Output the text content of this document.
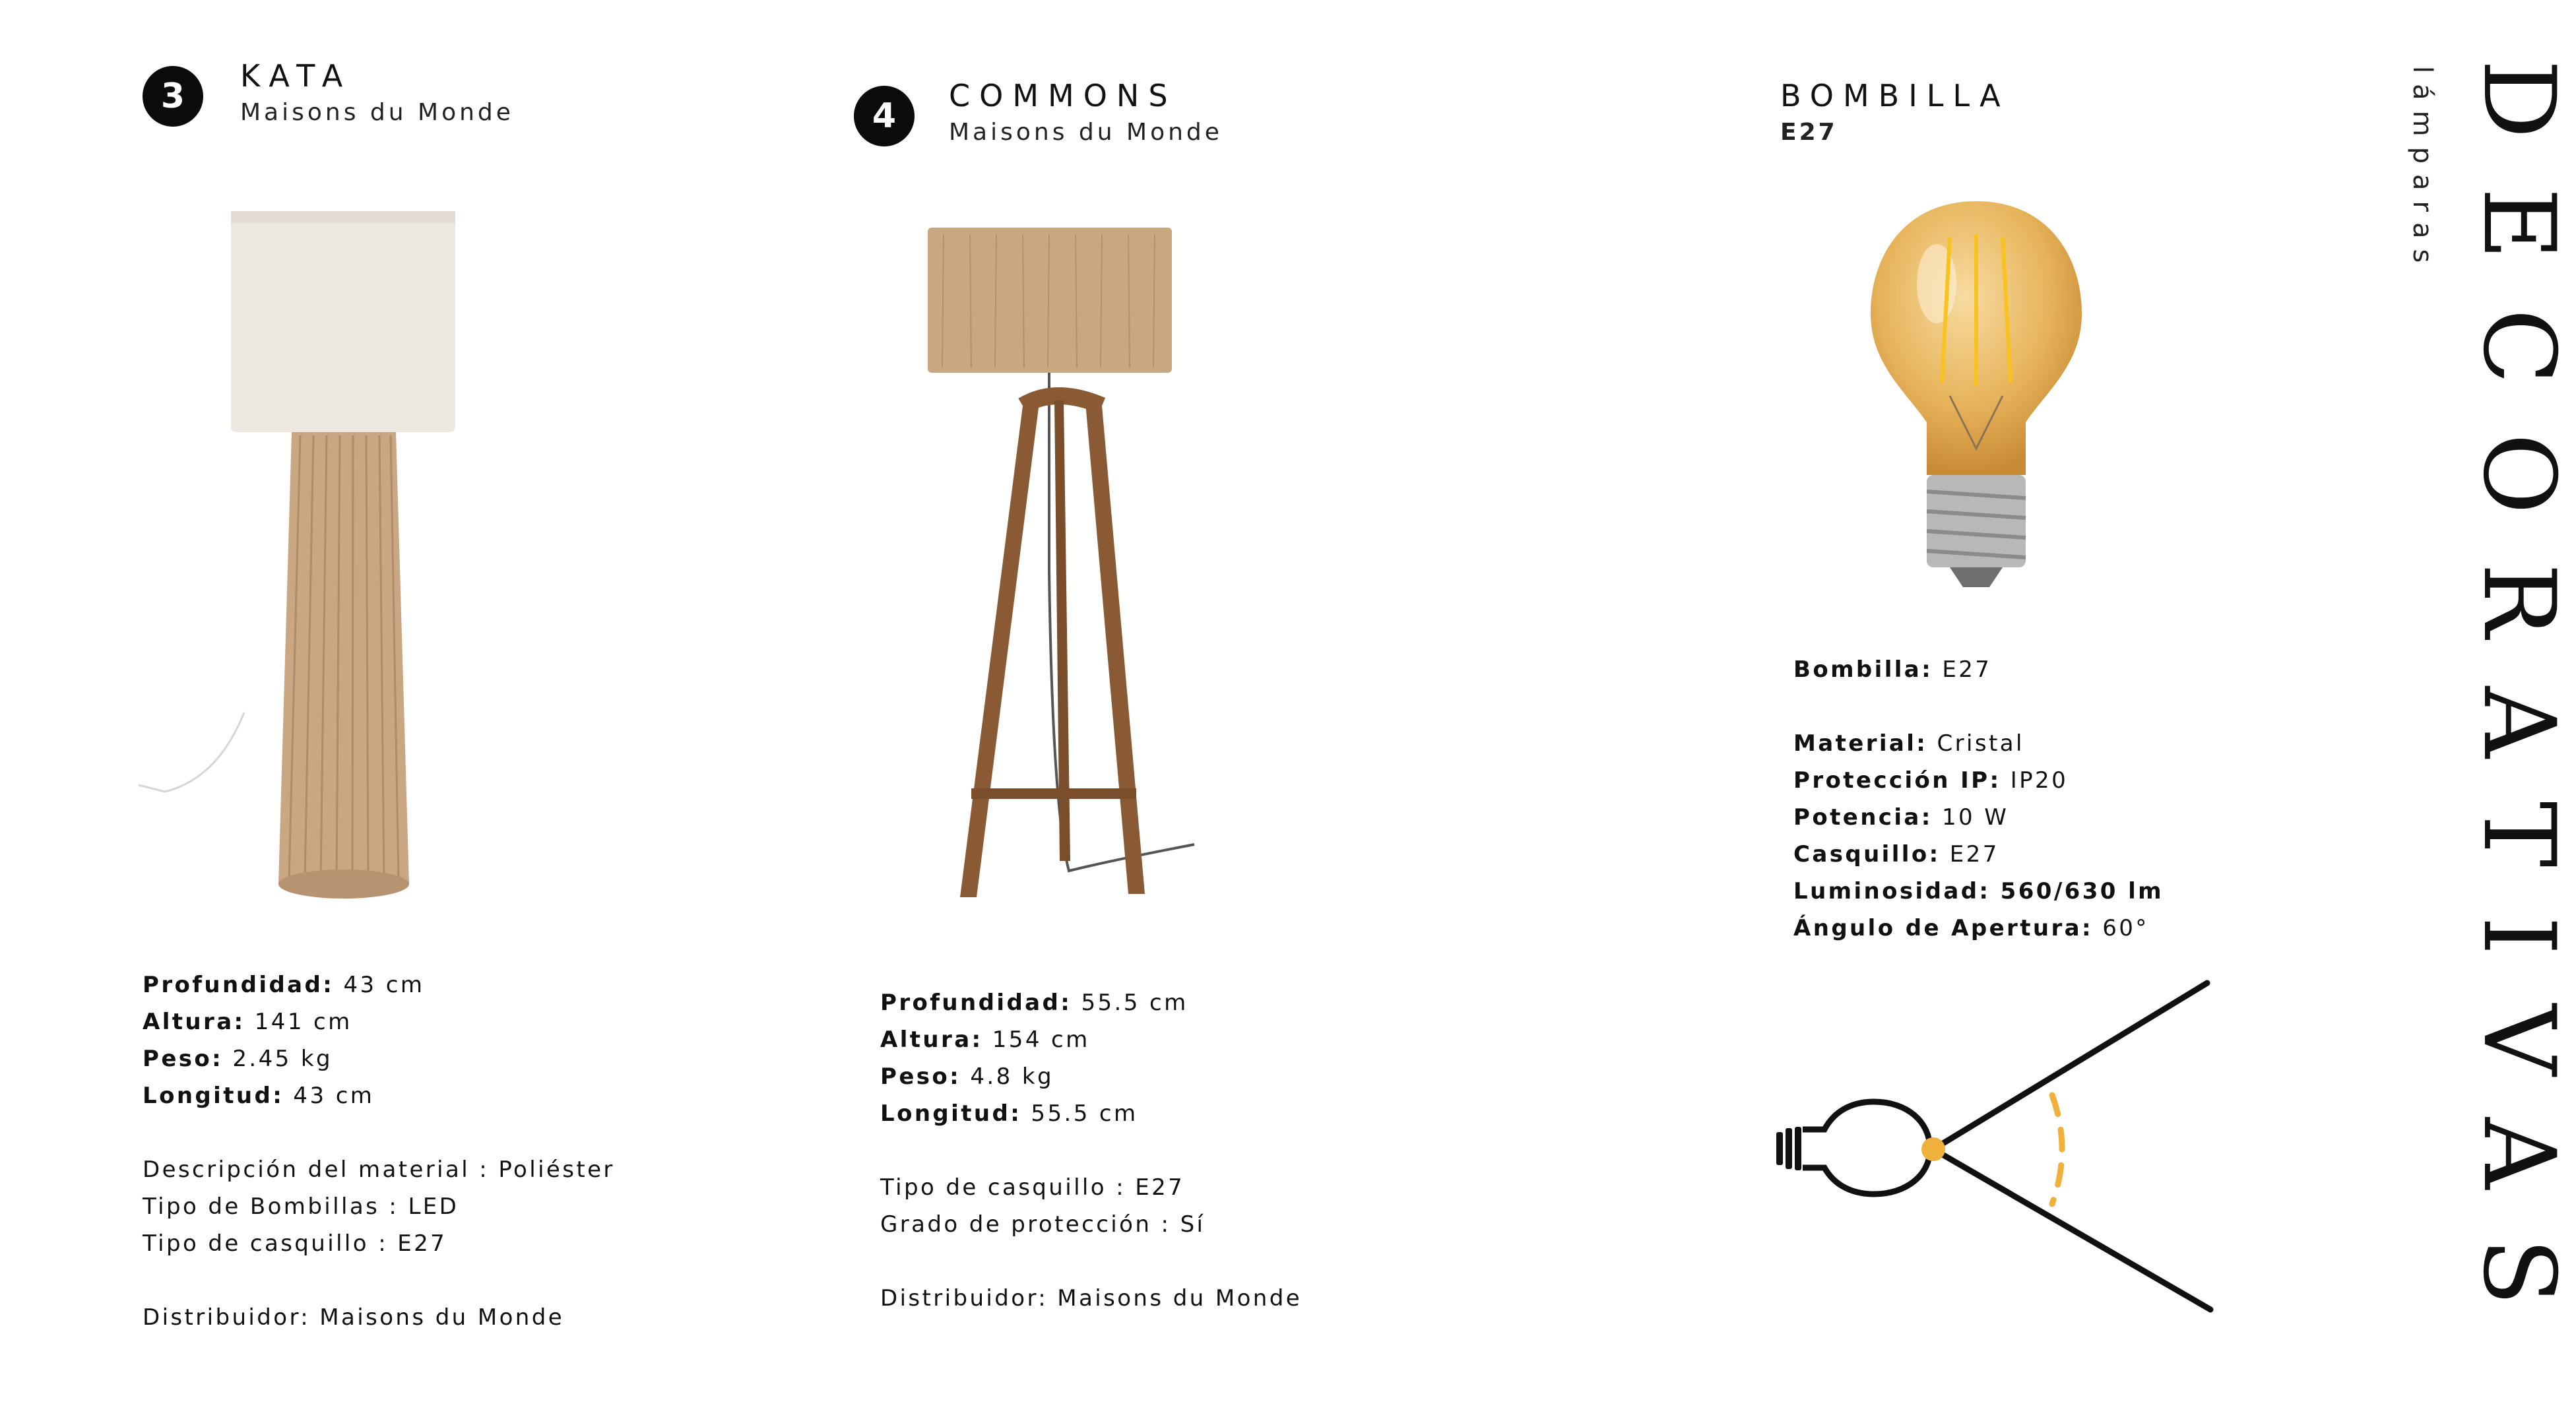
3
KATA
Maisons du Monde
Profundidad: 43 cm
Altura: 141 cm
Peso: 2.45 kg
Longitud: 43 cm
Descripción del material : Poliéster
Tipo de Bombillas : LED
Tipo de casquillo : E27
Distribuidor: Maisons du Monde
4
COMMONS
Maisons du Monde
Profundidad: 55.5 cm
Altura: 154 cm
Peso: 4.8 kg
Longitud: 55.5 cm
Tipo de casquillo : E27
Grado de protección : Sí
Distribuidor: Maisons du Monde
BOMBILLA
E27
Bombilla: E27
Material: Cristal
Protección IP: IP20
Potencia: 10 W
Casquillo: E27
Luminosidad: 560/630 lm
Ángulo de Apertura: 60°	DECORATIVAS
lámparas
